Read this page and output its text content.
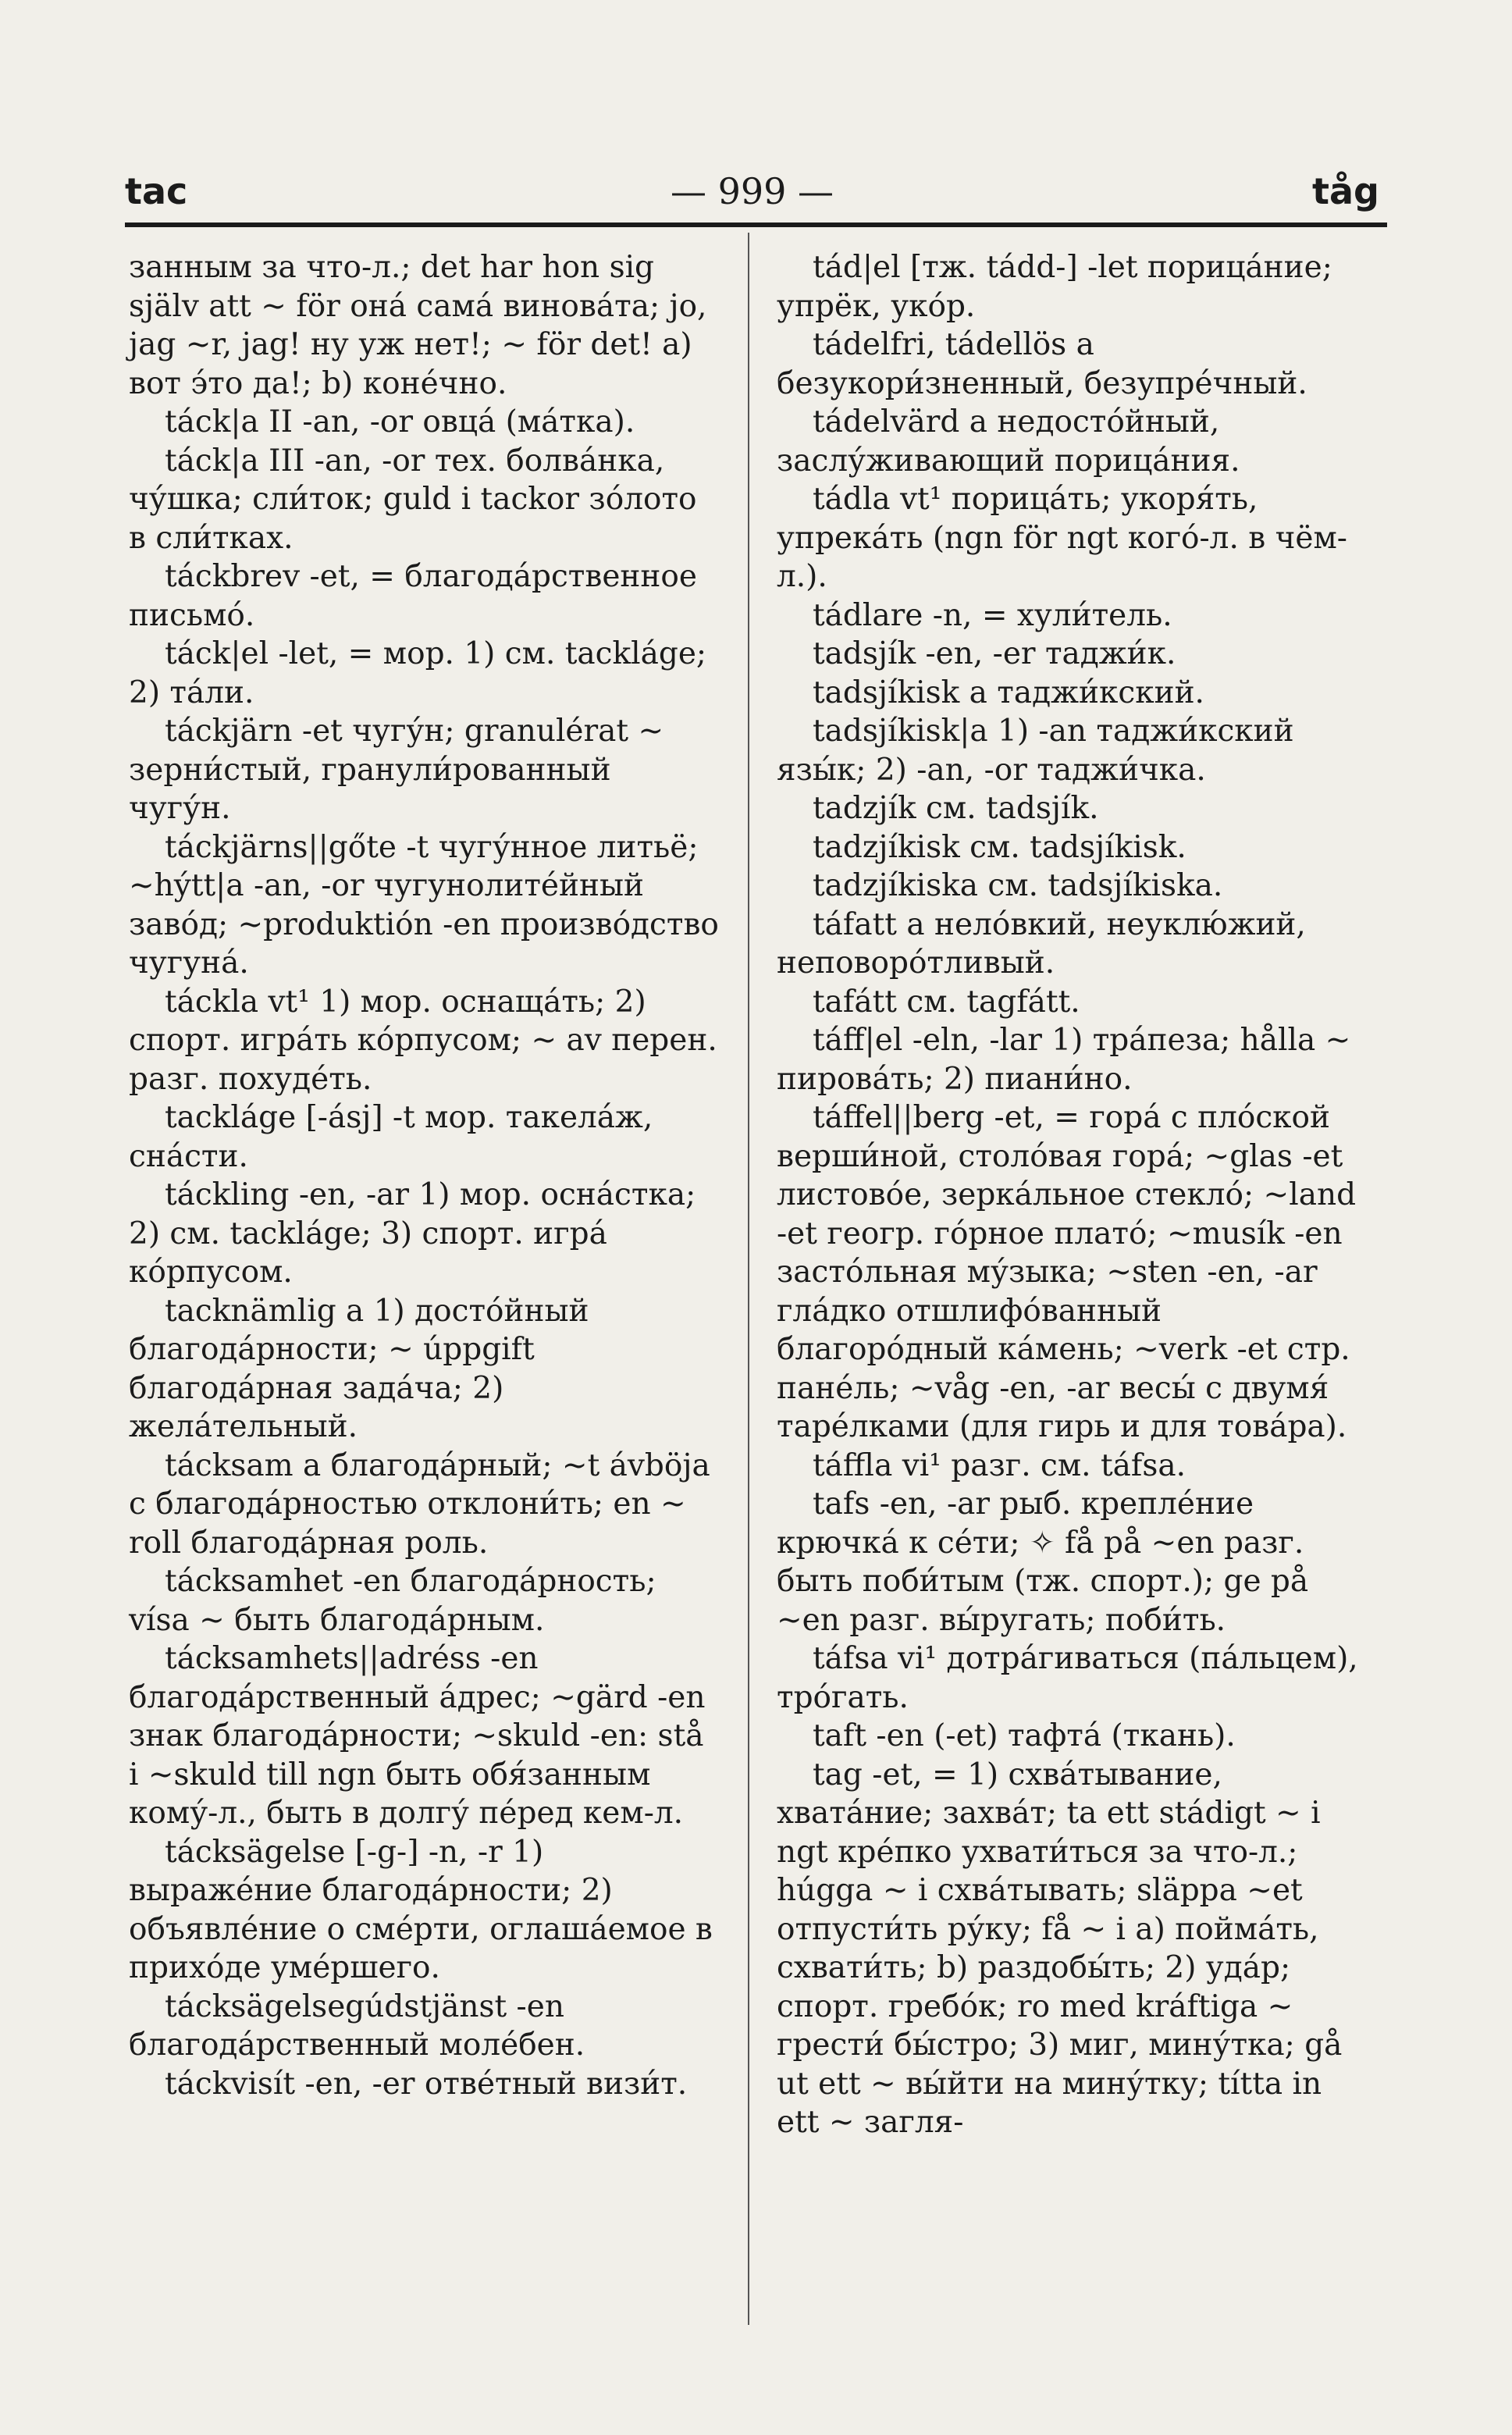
tac	— 999 —	tåg

занным за что-л.; det har hon sig själv att ~ för она́ сама́ винова́та; jo, jag ~r, jag! ну уж нет!; ~ för det! a) вот э́то да!; b) коне́чно.

táck|a II -an, -or овца́ (ма́тка).

táck|a III -an, -or тех. болва́нка, чу́шка; сли́ток; guld i tackor зо́лото в сли́тках.

táckbrev -et, = благода́рственное письмо́.

táck|el -let, = мор. 1) см. tackláge; 2) та́ли.

táckjärn -et чугу́н; granulérat ~ зерни́стый, гранули́рованный чугу́н.

táckjärns||gőte -t чугу́нное литьё; ~hýtt|a -an, -or чугунолите́йный заво́д; ~produktión -en произво́дство чугуна́.

táckla vt¹ 1) мор. оснаща́ть; 2) спорт. игра́ть ко́рпусом; ~ av перен. разг. похуде́ть.

tackláge [-ásj] -t мор. такела́ж, сна́сти.

táckling -en, -ar 1) мор. осна́стка; 2) см. tackláge; 3) спорт. игра́ ко́рпусом.

tacknämlig a 1) досто́йный благода́рности; ~ úppgift благода́рная зада́ча; 2) жела́тельный.

tácksam a благода́рный; ~t ávböja с благода́рностью отклони́ть; en ~ roll благода́рная роль.

tácksamhet -en благода́рность; vísa ~ быть благода́рным.

tácksamhets||adréss -en благода́рственный а́дрес; ~gärd -en знак благода́рности; ~skuld -en: stå i ~skuld till ngn быть обя́занным кому́-л., быть в долгу́ пе́ред кем-л.

tácksägelse [-g-] -n, -r 1) выраже́ние благода́рности; 2) объявле́ние о сме́рти, оглаша́емое в прихо́де уме́ршего.

tácksägelsegúdstjänst -en благода́рственный моле́бен.

táckvisít -en, -er отве́тный визи́т.

tád|el [тж. tádd-] -let порица́ние; упрёк, уко́р.

tádelfri, tádellös a безукори́зненный, безупре́чный.

tádelvärd a недосто́йный, заслу́живающий порица́ния.

tádla vt¹ порица́ть; укоря́ть, упрека́ть (ngn för ngt кого́-л. в чём-л.).

tádlare -n, = хули́тель.

tadsjík -en, -er таджи́к.

tadsjíkisk a таджи́кский.

tadsjíkisk|a 1) -an таджи́кский язы́к; 2) -an, -or таджи́чка.

tadzjík см. tadsjík.

tadzjíkisk см. tadsjíkisk.

tadzjíkiska см. tadsjíkiska.

táfatt a нело́вкий, неуклю́жий, неповоро́тливый.

tafátt см. tagfátt.

táff|el -eln, -lar 1) тра́пеза; hålla ~ пирова́ть; 2) пиани́но.

táffel||berg -et, = гора́ с пло́ской верши́ной, столо́вая гора́; ~glas -et листово́е, зерка́льное стекло́; ~land -et геогр. го́рное плато́; ~musík -en засто́льная му́зыка; ~sten -en, -ar гла́дко отшлифо́ванный благоро́дный ка́мень; ~verk -et стр. пане́ль; ~våg -en, -ar весы́ с двумя́ таре́лками (для гирь и для това́ра).

táffla vi¹ разг. см. táfsa.

tafs -en, -ar рыб. крепле́ние крючка́ к се́ти; ✧ få på ~en разг. быть поби́тым (тж. спорт.); ge på ~en разг. вы́ругать; поби́ть.

táfsa vi¹ дотра́гиваться (па́льцем), тро́гать.

taft -en (-et) тафта́ (ткань).

tag -et, = 1) схва́тывание, хвата́ние; захва́т; ta ett stádigt ~ i ngt кре́пко ухвати́ться за что-л.; húgga ~ i схва́тывать; släppa ~et отпусти́ть ру́ку; få ~ i a) пойма́ть, схвати́ть; b) раздобы́ть; 2) уда́р; спорт. гребо́к; ro med kráftiga ~ грести́ бы́стро; 3) миг, мину́тка; gå ut ett ~ вы́йти на мину́тку; títta in ett ~ загля-
